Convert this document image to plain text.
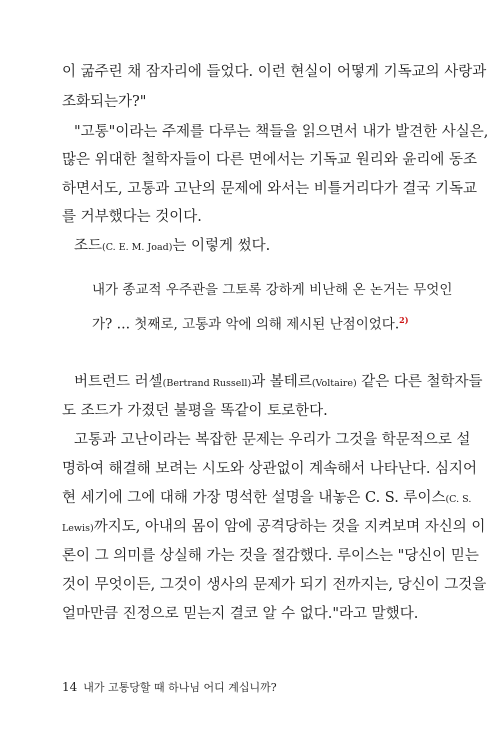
이 굶주린 채 잠자리에 들었다. 이런 현실이 어떻게 기독교의 사랑과
조화되는가?"
"고통"이라는 주제를 다루는 책들을 읽으면서 내가 발견한 사실은,
많은 위대한 철학자들이 다른 면에서는 기독교 원리와 윤리에 동조
하면서도, 고통과 고난의 문제에 와서는 비틀거리다가 결국 기독교
를 거부했다는 것이다.
조드(C. E. M. Joad)는 이렇게 썼다.
내가 종교적 우주관을 그토록 강하게 비난해 온 논거는 무엇인
가? … 첫째로, 고통과 악에 의해 제시된 난점이었다.$^{2)}$
버트런드 러셀(Bertrand Russell)과 볼테르(Voltaire) 같은 다른 철학자들
도 조드가 가졌던 불평을 똑같이 토로한다.
고통과 고난이라는 복잡한 문제는 우리가 그것을 학문적으로 설
명하여 해결해 보려는 시도와 상관없이 계속해서 나타난다. 심지어
현 세기에 그에 대해 가장 명석한 설명을 내놓은 C. S. 루이스(C. S.
Lewis)까지도, 아내의 몸이 암에 공격당하는 것을 지켜보며 자신의 이
론이 그 의미를 상실해 가는 것을 절감했다. 루이스는 "당신이 믿는
것이 무엇이든, 그것이 생사의 문제가 되기 전까지는, 당신이 그것을
얼마만큼 진정으로 믿는지 결코 알 수 없다."라고 말했다.
14 내가 고통당할 때 하나님 어디 계십니까?
